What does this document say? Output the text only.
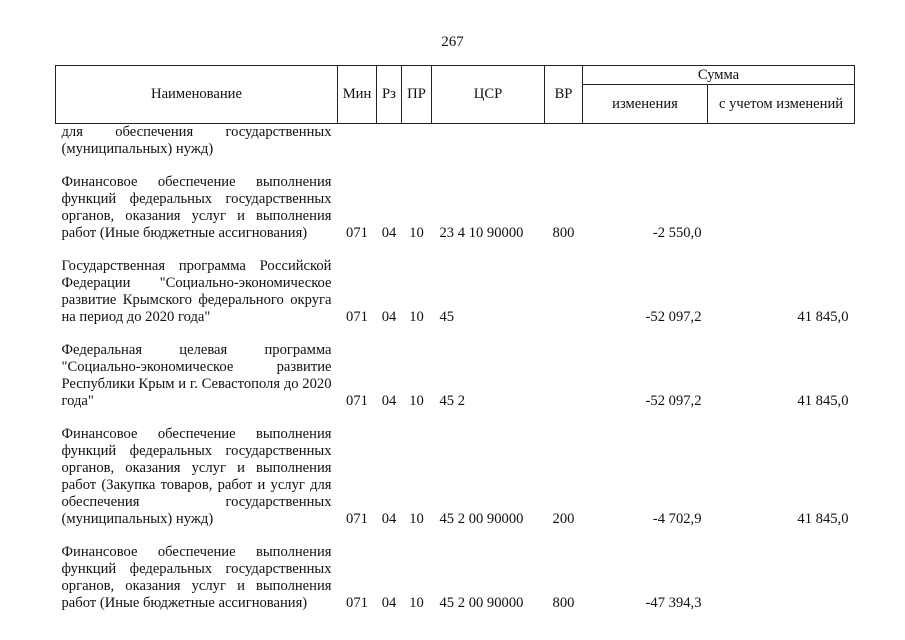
267
Наименование	Мин	Рз	ПР	ЦСР	ВР	Сумма	
						изменения	с учетом изменений
для обеспечения государственных (муниципальных) нужд)							

Финансовое обеспечение выполнения функций федеральных государственных органов, оказания услуг и выполнения работ (Иные бюджетные ассигнования)	071	04	10	23 4 10 90000	800	-2 550,0	

Государственная программа Российской Федерации "Социально-экономическое развитие Крымского федерального округа на период до 2020 года"	071	04	10	45		-52 097,2	41 845,0

Федеральная целевая программа "Социально-экономическое развитие Республики Крым и г. Севастополя до 2020 года"	071	04	10	45 2		-52 097,2	41 845,0

Финансовое обеспечение выполнения функций федеральных государственных органов, оказания услуг и выполнения работ (Закупка товаров, работ и услуг для обеспечения государственных (муниципальных) нужд)	071	04	10	45 2 00 90000	200	-4 702,9	41 845,0

Финансовое обеспечение выполнения функций федеральных государственных органов, оказания услуг и выполнения работ (Иные бюджетные ассигнования)	071	04	10	45 2 00 90000	800	-47 394,3	
